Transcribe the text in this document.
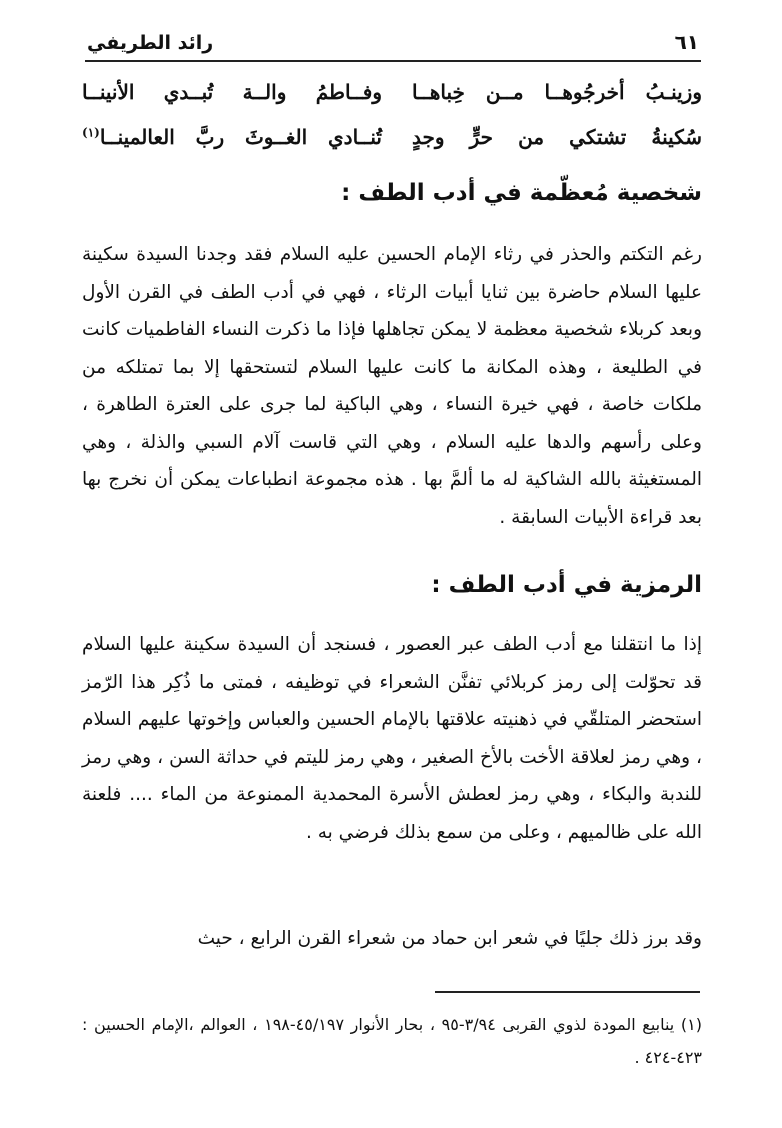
٦١
رائد الطريفي
وزينـبُ أخرجُوهــا مــن خِباهــا
وفــاطمُ والــة تُبــدي الأنينــا
سُكينةُ تشتكي من حرٍّ وجدٍ
تُنــادي الغــوثَ ربَّ العالمينــا$^{(١)}$
شخصية مُعظّمة في أدب الطف :

رغم التكتم والحذر في رثاء الإمام الحسين عليه السلام فقد وجدنا السيدة سكينة عليها السلام حاضرة بين ثنايا أبيات الرثاء ، فهي في أدب الطف في القرن الأول وبعد كربلاء شخصية معظمة لا يمكن تجاهلها فإذا ما ذكرت النساء الفاطميات كانت في الطليعة ، وهذه المكانة ما كانت عليها السلام لتستحقها إلا بما تمتلكه من ملكات خاصة ، فهي خيرة النساء ، وهي الباكية لما جرى على العترة الطاهرة ، وعلى رأسهم والدها عليه السلام ، وهي التي قاست آلام السبي والذلة ، وهي المستغيثة بالله الشاكية له ما ألمَّ بها . هذه مجموعة انطباعات يمكن أن نخرج بها بعد قراءة الأبيات السابقة .

الرمزية في أدب الطف :

إذا ما انتقلنا مع أدب الطف عبر العصور ، فسنجد أن السيدة سكينة عليها السلام قد تحوّلت إلى رمز كربلائي تفنَّن الشعراء في توظيفه ، فمتى ما ذُكِر هذا الرّمز استحضر المتلقّي في ذهنيته علاقتها بالإمام الحسين والعباس وإخوتها عليهم السلام ، وهي رمز لعلاقة الأخت بالأخ الصغير ، وهي رمز لليتم في حداثة السن ، وهي رمز للندبة والبكاء ، وهي رمز لعطش الأسرة المحمدية الممنوعة من الماء .... فلعنة الله على ظالميهم ، وعلى من سمع بذلك فرضي به .

وقد برز ذلك جليًا في شعر ابن حماد من شعراء القرن الرابع ، حيث

(١) ينابيع المودة لذوي القربى ٣/٩٤-٩٥ ، بحار الأنوار ٤٥/١٩٧-١٩٨ ، العوالم ،الإمام الحسين : ٤٢٣-٤٢٤ .
